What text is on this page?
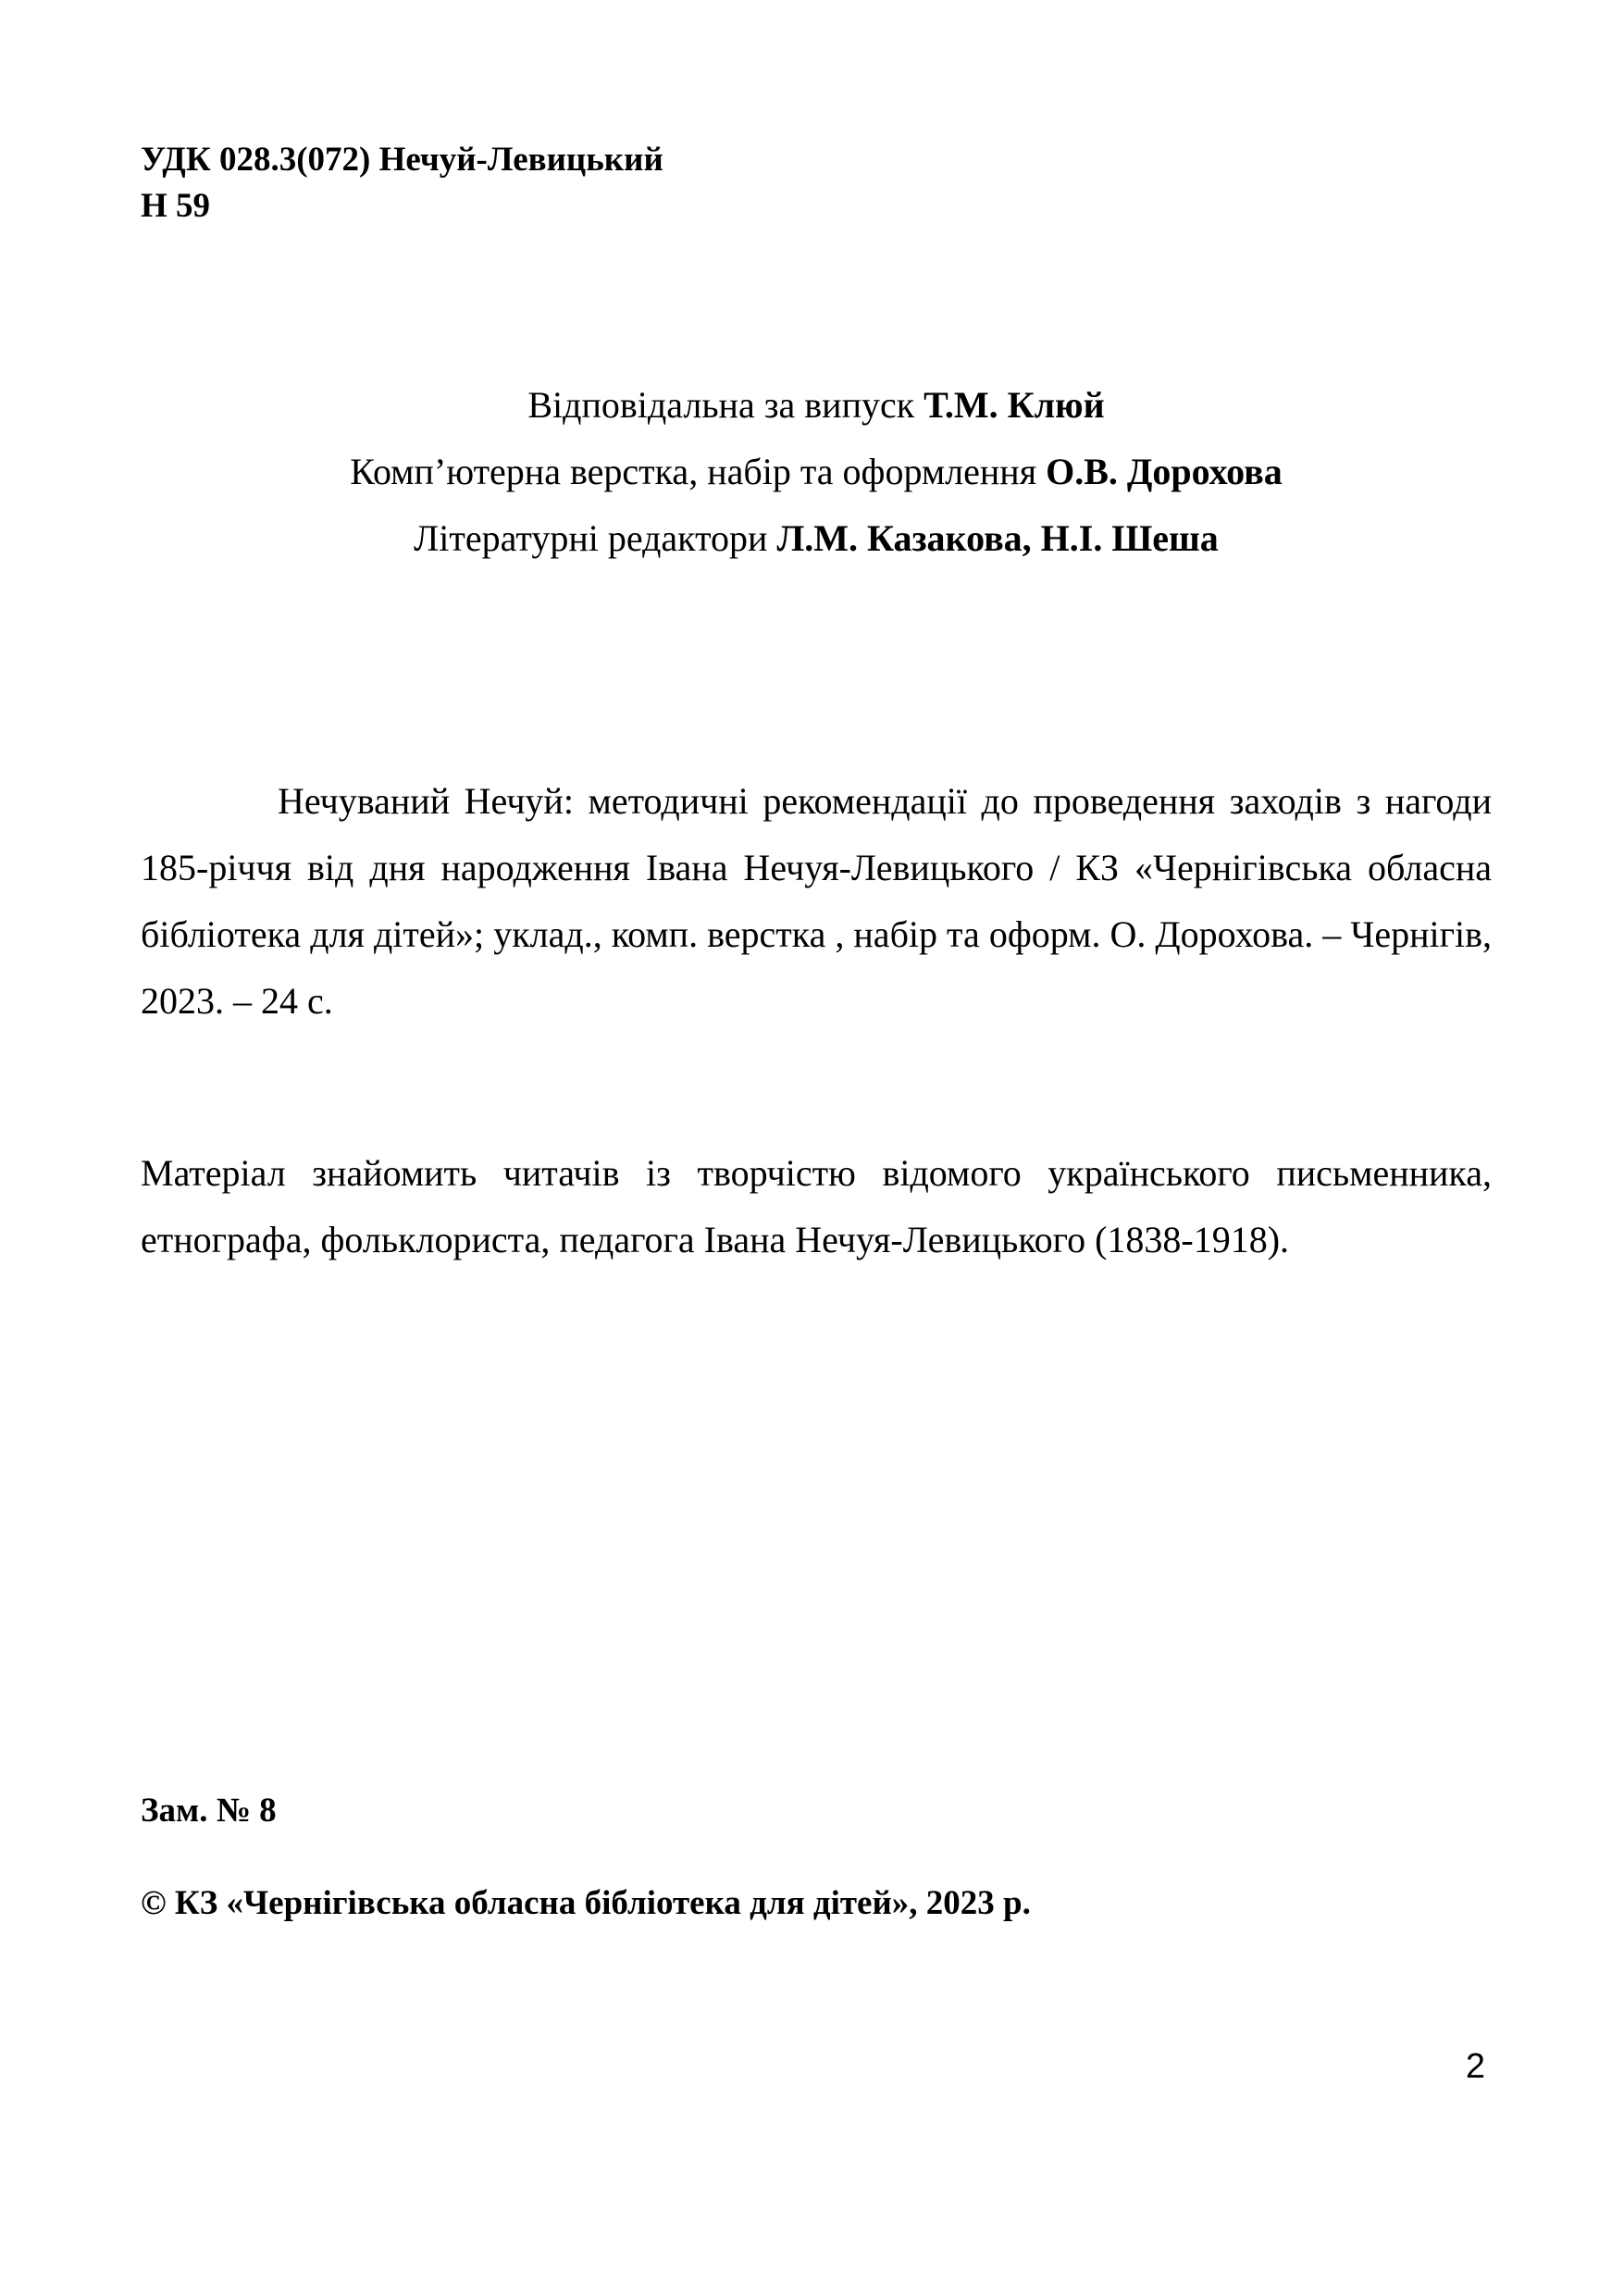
УДК 028.3(072) Нечуй-Левицький
Н 59
Відповідальна за випуск Т.М. Клюй
Комп’ютерна верстка, набір та оформлення О.В. Дорохова
Літературні редактори Л.М. Казакова, Н.І. Шеша
Нечуваний Нечуй: методичні рекомендації до проведення заходів з нагоди 185-річчя від дня народження Івана Нечуя-Левицького / КЗ «Чернігівська обласна бібліотека для дітей»; уклад., комп. верстка , набір та оформ. О. Дорохова. – Чернігів, 2023. – 24 с.
Матеріал знайомить читачів із творчістю відомого українського письменника, етнографа, фольклориста, педагога Івана Нечуя-Левицького (1838-1918).
Зам. № 8
© КЗ «Чернігівська обласна бібліотека для дітей», 2023 р.
2
